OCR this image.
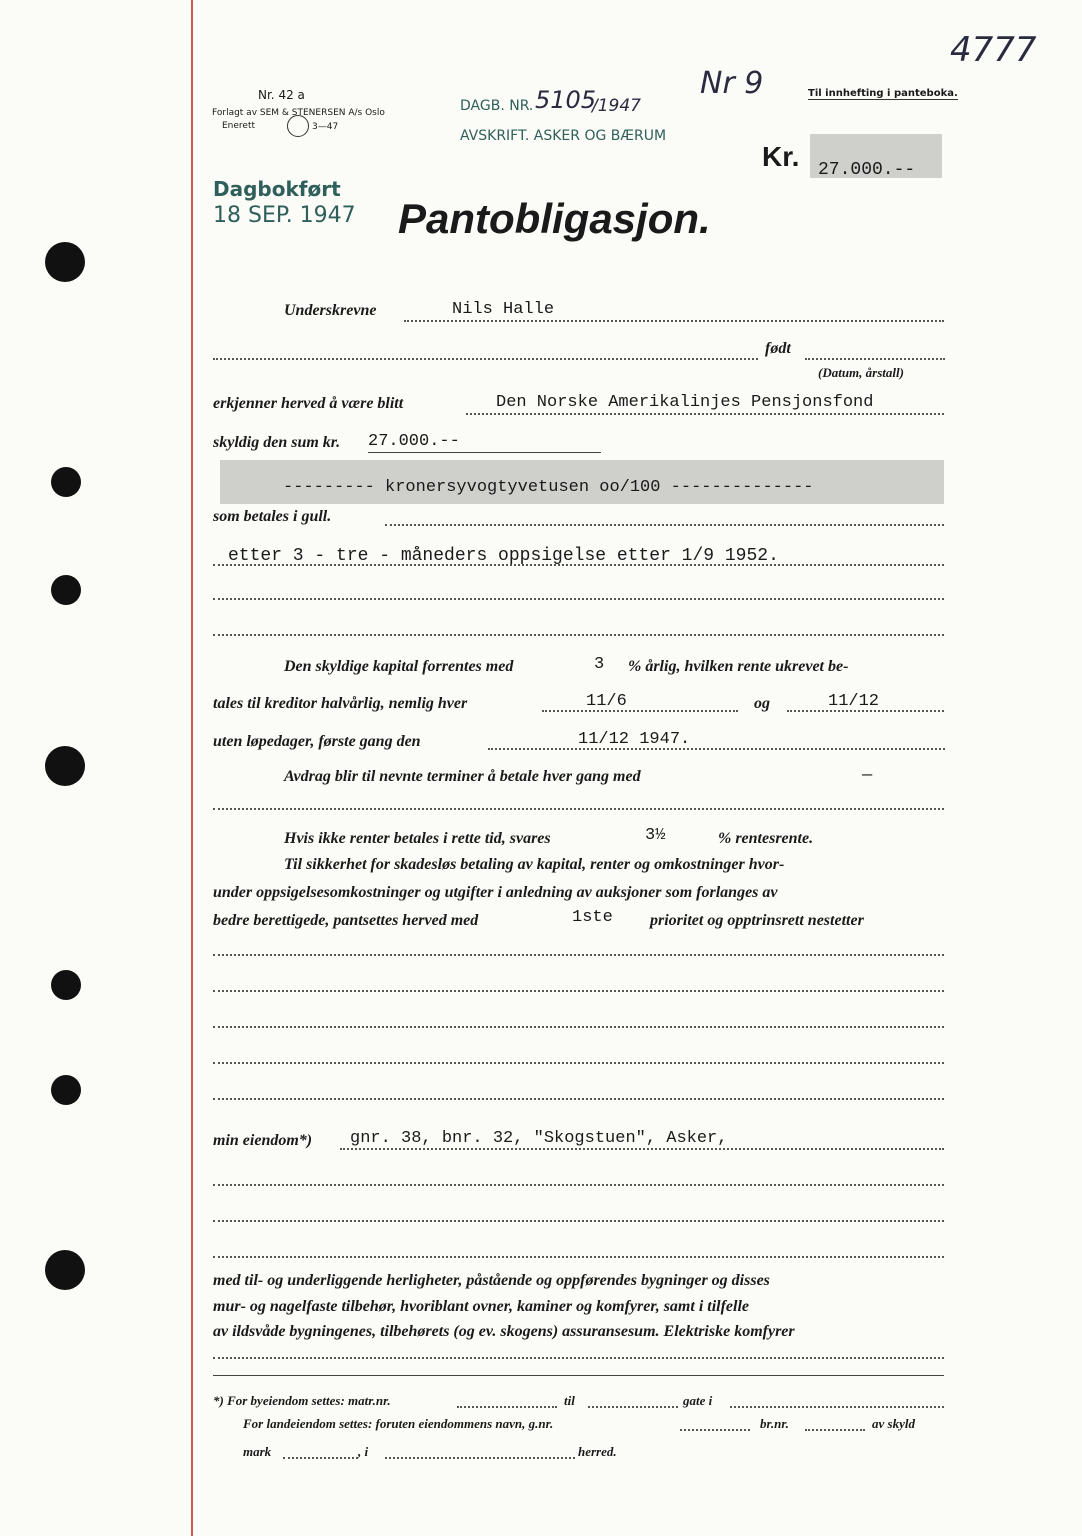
Nr. 42 a
Forlagt av SEM & STENERSEN A/s Oslo
Enerett	3—47
DAGB. NR. 5105
/1947
AVSKRIFT. ASKER OG BÆRUM
Nr 9	Til innhefting i panteboka.
4777
Kr. 27.000.--
Dagbokført
18 SEP. 1947 Pantobligasjon.
Underskrevne	Nils Halle
født
(Datum, årstall)
erkjenner herved å være blitt	Den Norske Amerikalinjes Pensjonsfond
skyldig den sum kr. 27.000.--
--------- kronersyvogtyvetusen oo/100 --------------
som betales i gull.
etter 3 - tre - måneders oppsigelse etter 1/9 1952.
Den skyldige kapital forrentes med	3 % årlig, hvilken rente ukrevet be-
tales til kreditor halvårlig, nemlig hver	11/6	og	11/12
uten løpedager, første gang den	11/12 1947.
Avdrag blir til nevnte terminer å betale hver gang med	—
Hvis ikke renter betales i rette tid, svares	3½	% rentesrente.
Til sikkerhet for skadesløs betaling av kapital, renter og omkostninger hvor-
under oppsigelsesomkostninger og utgifter i anledning av auksjoner som forlanges av
bedre berettigede, pantsettes herved med	1ste prioritet og opptrinsrett nestetter
min eiendom*) gnr. 38, bnr. 32, "Skogstuen", Asker,
med til- og underliggende herligheter, påstående og oppførendes bygninger og disses
mur- og nagelfaste tilbehør, hvoriblant ovner, kaminer og komfyrer, samt i tilfelle
av ildsvåde bygningenes, tilbehørets (og ev. skogens) assuransesum. Elektriske komfyrer
*) For byeiendom settes: matr.nr.	til	gate i
For landeiendom settes: foruten eiendommens navn, g.nr.	br.nr.	av skyld
mark	, i	herred.
